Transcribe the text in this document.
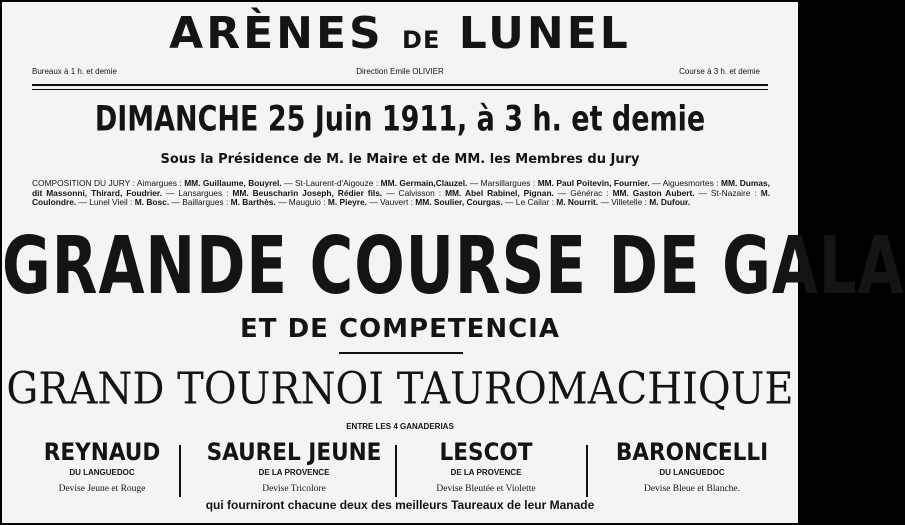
ARÈNES DE LUNEL
Bureaux à 1 h. et demie	Direction Emile OLIVIER	Course à 3 h. et demie
DIMANCHE 25 Juin 1911, à 3 h. et demie
Sous la Présidence de M. le Maire et de MM. les Membres du Jury
COMPOSITION DU JURY : Aimargues : MM. Guillaume, Bouyrel. — St-Laurent-d'Aigouze : MM. Germain,Clauzel. — Marsillargues : MM. Paul Poitevin, Fournier. — Aiguesmortes : MM. Dumas, dit Massonni, Thirard, Foudrier. — Lansargues : MM. Beuscharin Joseph, Rédier fils. — Calvisson : MM. Abel Rabinel, Pignan. — Générac : MM. Gaston Aubert. — St-Nazaire : M. Coulondre. — Lunel Vieil : M. Bosc. — Baillargues : M. Barthès. — Mauguio : M. Pieyre. — Vauvert : MM. Soulier, Courgas. — Le Cailar : M. Nourrit. — Villetelle : M. Dufour.
GRANDE COURSE DE GALA
ET DE COMPETENCIA
GRAND TOURNOI TAUROMACHIQUE
ENTRE LES 4 GANADERIAS
REYNAUD
DU LANGUEDOC
Devise Jeune et Rouge
SAUREL JEUNE
DE LA PROVENCE
Devise Tricolore
LESCOT
DE LA PROVENCE
Devise Bleutée et Violette
BARONCELLI
DU LANGUEDOC
Devise Bleue et Blanche.
qui fourniront chacune deux des meilleurs Taureaux de leur Manade
